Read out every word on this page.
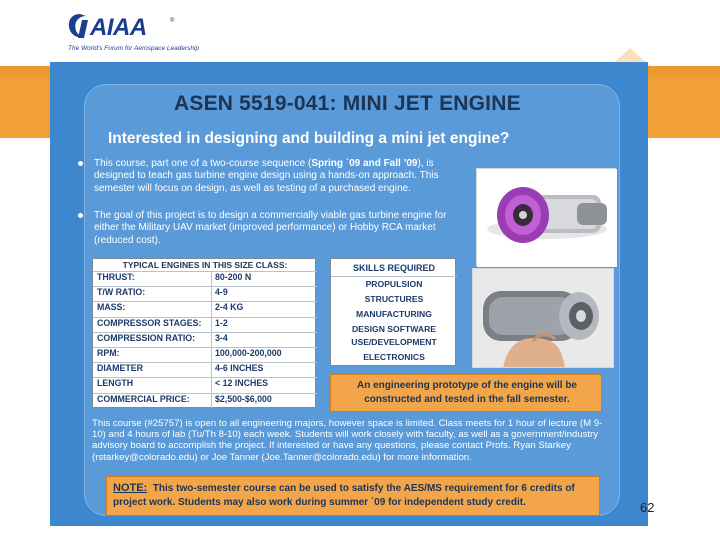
AIAA	®
The World's Forum for Aerospace Leadership
ASEN 5519-041: MINI JET ENGINE
Interested in designing and building a mini jet engine?
This course, part one of a two-course sequence (Spring `09 and Fall ’09), is designed to teach gas turbine engine design using a hands-on approach. This semester will focus on design, as well as testing of a purchased engine.
The goal of this project is to design a commercially viable gas turbine engine for either the Military UAV market (improved performance) or Hobby RCA market (reduced cost).
TYPICAL ENGINES IN THIS SIZE CLASS:
THRUST:	80-200 N
T/W RATIO:	4-9
MASS:	2-4 KG
COMPRESSOR STAGES: 1-2
COMPRESSION RATIO: 3-4
RPM:	100,000-200,000
DIAMETER	4-6 INCHES
LENGTH	< 12 INCHES
COMMERCIAL PRICE:	$2,500-$6,000
SKILLS REQUIRED
PROPULSION
STRUCTURES
MANUFACTURING
DESIGN SOFTWARE
USE/DEVELOPMENT
ELECTRONICS

An engineering prototype of the engine will be constructed and tested in the fall semester.

This course (#25757) is open to all engineering majors, however space is limited. Class meets for 1 hour of lecture (M 9-10) and 4 hours of lab (Tu/Th 8-10) each week. Students will work closely with faculty, as well as a government/industry advisory board to accomplish the project. If interested or have any questions, please contact Profs. Ryan Starkey (rstarkey@colorado.edu) or Joe Tanner (Joe.Tanner@colorado.edu) for more information.

NOTE: This two-semester course can be used to satisfy the AES/MS requirement for 6 credits of project work. Students may also work during summer `09 for independent study credit.	62
